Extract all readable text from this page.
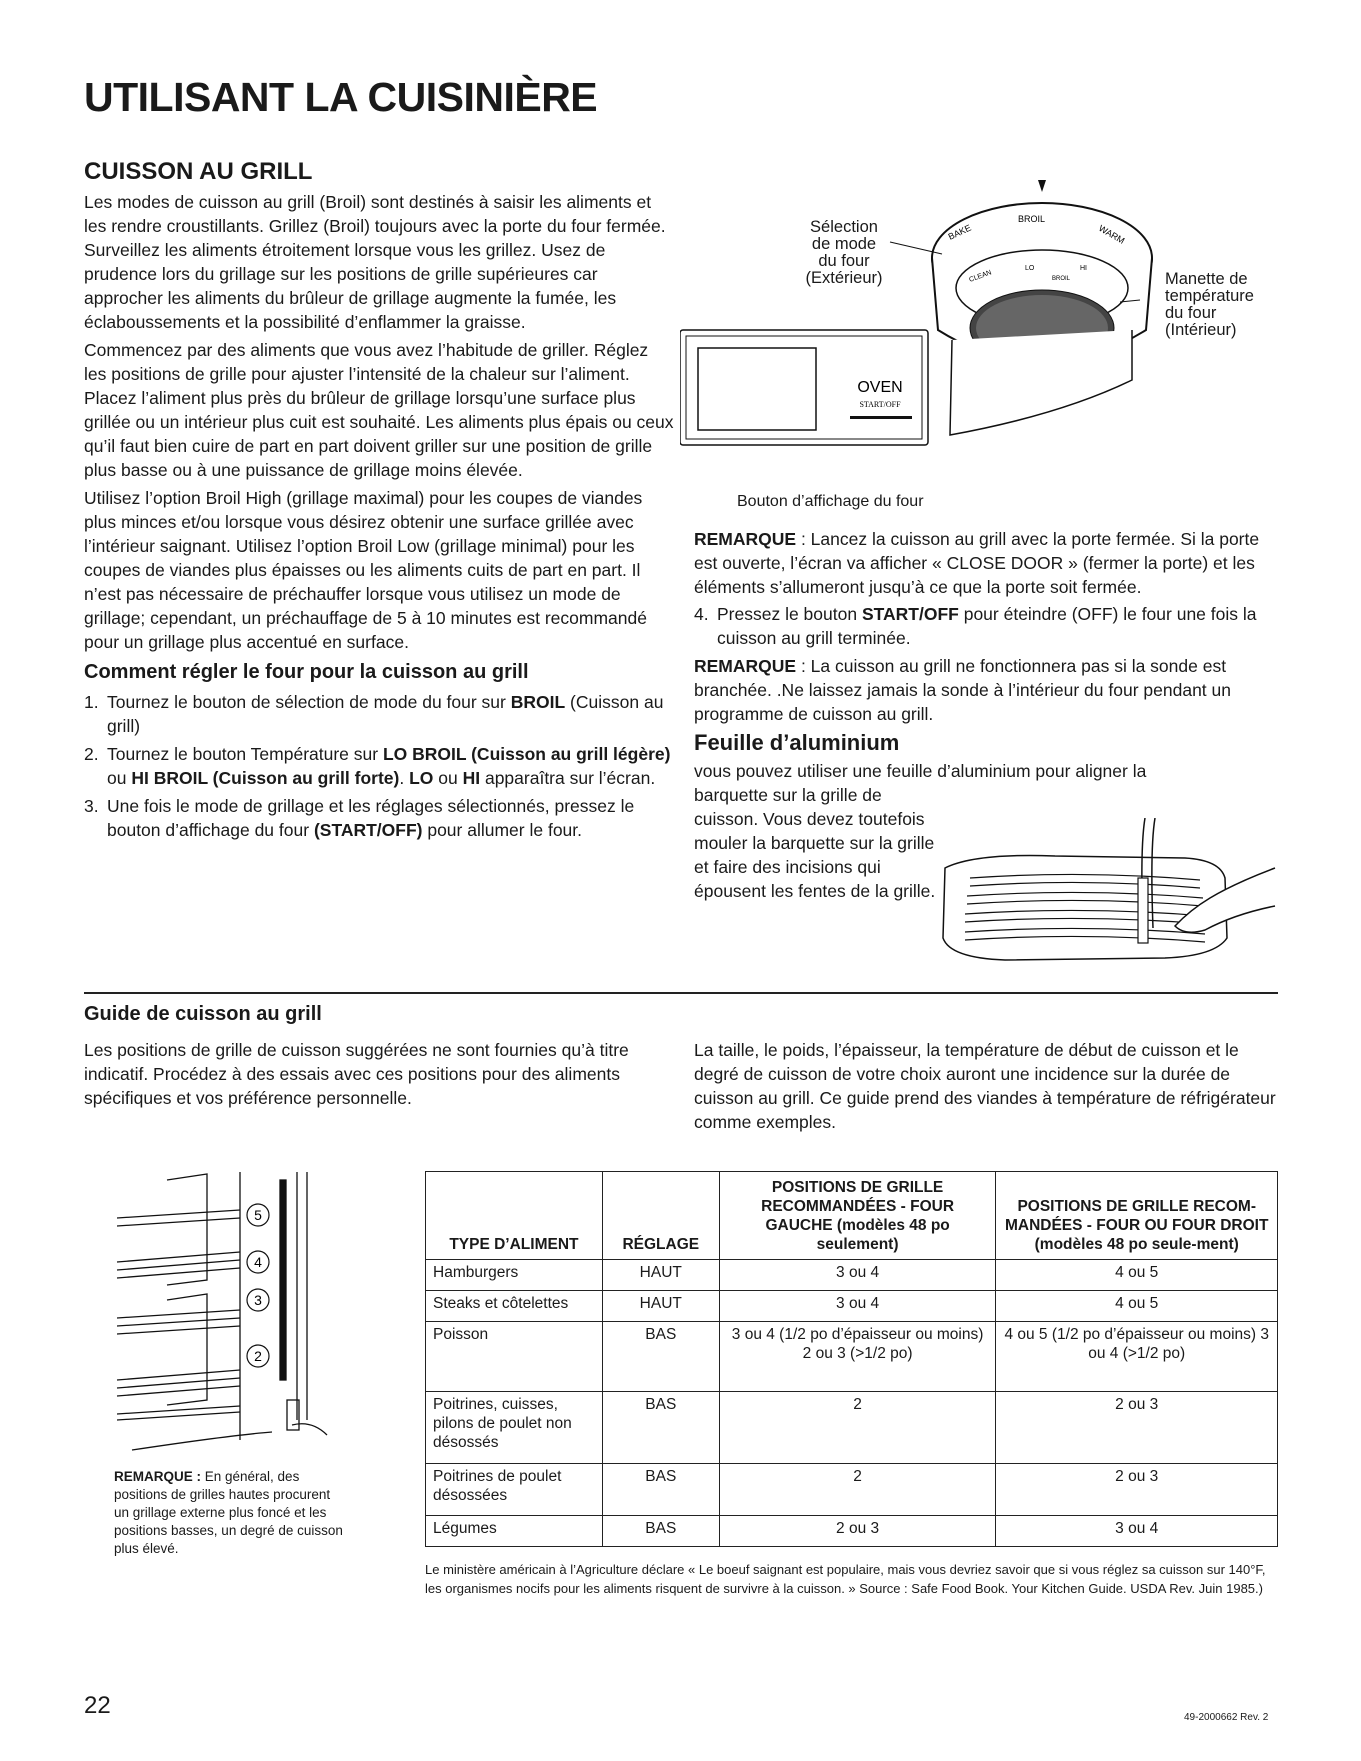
UTILISANT LA CUISINIÈRE
CUISSON AU GRILL

Les modes de cuisson au grill (Broil) sont destinés à saisir les aliments et les rendre croustillants. Grillez (Broil) toujours avec la porte du four fermée. Surveillez les aliments étroitement lorsque vous les grillez. Usez de prudence lors du grillage sur les positions de grille supérieures car approcher les aliments du brûleur de grillage augmente la fumée, les éclaboussements et la possibilité d’enflammer la graisse.

Commencez par des aliments que vous avez l’habitude de griller. Réglez les positions de grille pour ajuster l’intensité de la chaleur sur l’aliment. Placez l’aliment plus près du brûleur de grillage lorsqu’une surface plus grillée ou un intérieur plus cuit est souhaité. Les aliments plus épais ou ceux qu’il faut bien cuire de part en part doivent griller sur une position de grille plus basse ou à une puissance de grillage moins élevée.

Utilisez l’option Broil High (grillage maximal) pour les coupes de viandes plus minces et/ou lorsque vous désirez obtenir une surface grillée avec l’intérieur saignant. Utilisez l’option Broil Low (grillage minimal) pour les coupes de viandes plus épaisses ou les aliments cuits de part en part. Il n’est pas nécessaire de préchauffer lorsque vous utilisez un mode de grillage; cependant, un préchauffage de 5 à 10 minutes est recommandé pour un grillage plus accentué en surface.

Comment régler le four pour la cuisson au grill
1. Tournez le bouton de sélection de mode du four sur BROIL (Cuisson au grill)
2. Tournez le bouton Température sur LO BROIL (Cuisson au grill légère) ou HI BROIL (Cuisson au grill forte). LO ou HI apparaîtra sur l’écran.
3. Une fois le mode de grillage et les réglages sélectionnés, pressez le bouton d’affichage du four (START/OFF) pour allumer le four.
BAKE
BROIL
WARM
CLEAN
LO	HI
BROIL
OVEN
START/OFF
Sélection
de mode
du four
(Extérieur)	Manette de
température
du four
(Intérieur)
Bouton d’affichage du four

REMARQUE : Lancez la cuisson au grill avec la porte fermée. Si la porte est ouverte, l’écran va afficher « CLOSE DOOR » (fermer la porte) et les éléments s’allumeront jusqu’à ce que la porte soit fermée.

4. Pressez le bouton START/OFF pour éteindre (OFF) le four une fois la cuisson au grill terminée.

REMARQUE : La cuisson au grill ne fonctionnera pas si la sonde est branchée. .Ne laissez jamais la sonde à l’intérieur du four pendant un programme de cuisson au grill.

Feuille d’aluminium

vous pouvez utiliser une feuille d’aluminium pour aligner la

barquette sur la grille de cuisson. Vous devez toutefois mouler la barquette sur la grille et faire des incisions qui épousent les fentes de la grille.

Guide de cuisson au grill

Les positions de grille de cuisson suggérées ne sont fournies qu’à titre indicatif. Procédez à des essais avec ces positions pour des aliments spécifiques et vos préférence personnelle.

La taille, le poids, l’épaisseur, la température de début de cuisson et le degré de cuisson de votre choix auront une incidence sur la durée de cuisson au grill. Ce guide prend des viandes à température de réfrigérateur comme exemples.

5
4
3
2
REMARQUE : En général, des positions de grilles hautes procurent un grillage externe plus foncé et les positions basses, un degré de cuisson plus élevé.
TYPE D’ALIMENT	RÉGLAGE	POSITIONS DE GRILLE RECOMMANDÉES - FOUR GAUCHE (modèles 48 po seulement)	POSITIONS DE GRILLE RECOM-MANDÉES - FOUR OU FOUR DROIT (modèles 48 po seule-ment)
Hamburgers	HAUT	3 ou 4	4 ou 5
Steaks et côtelettes	HAUT	3 ou 4	4 ou 5
Poisson	BAS	3 ou 4 (1/2 po d’épaisseur ou moins) 2 ou 3 (>1/2 po)	4 ou 5 (1/2 po d’épaisseur ou moins) 3 ou 4 (>1/2 po)
Poitrines, cuisses, pilons de poulet non désossés	BAS	2	2 ou 3
Poitrines de poulet désossées	BAS	2	2 ou 3
Légumes	BAS	2 ou 3	3 ou 4
Le ministère américain à l’Agriculture déclare « Le boeuf saignant est populaire, mais vous devriez savoir que si vous réglez sa cuisson sur 140°F, les organismes nocifs pour les aliments risquent de survivre à la cuisson. » Source : Safe Food Book. Your Kitchen Guide. USDA Rev. Juin 1985.)
22	49-2000662 Rev. 2
